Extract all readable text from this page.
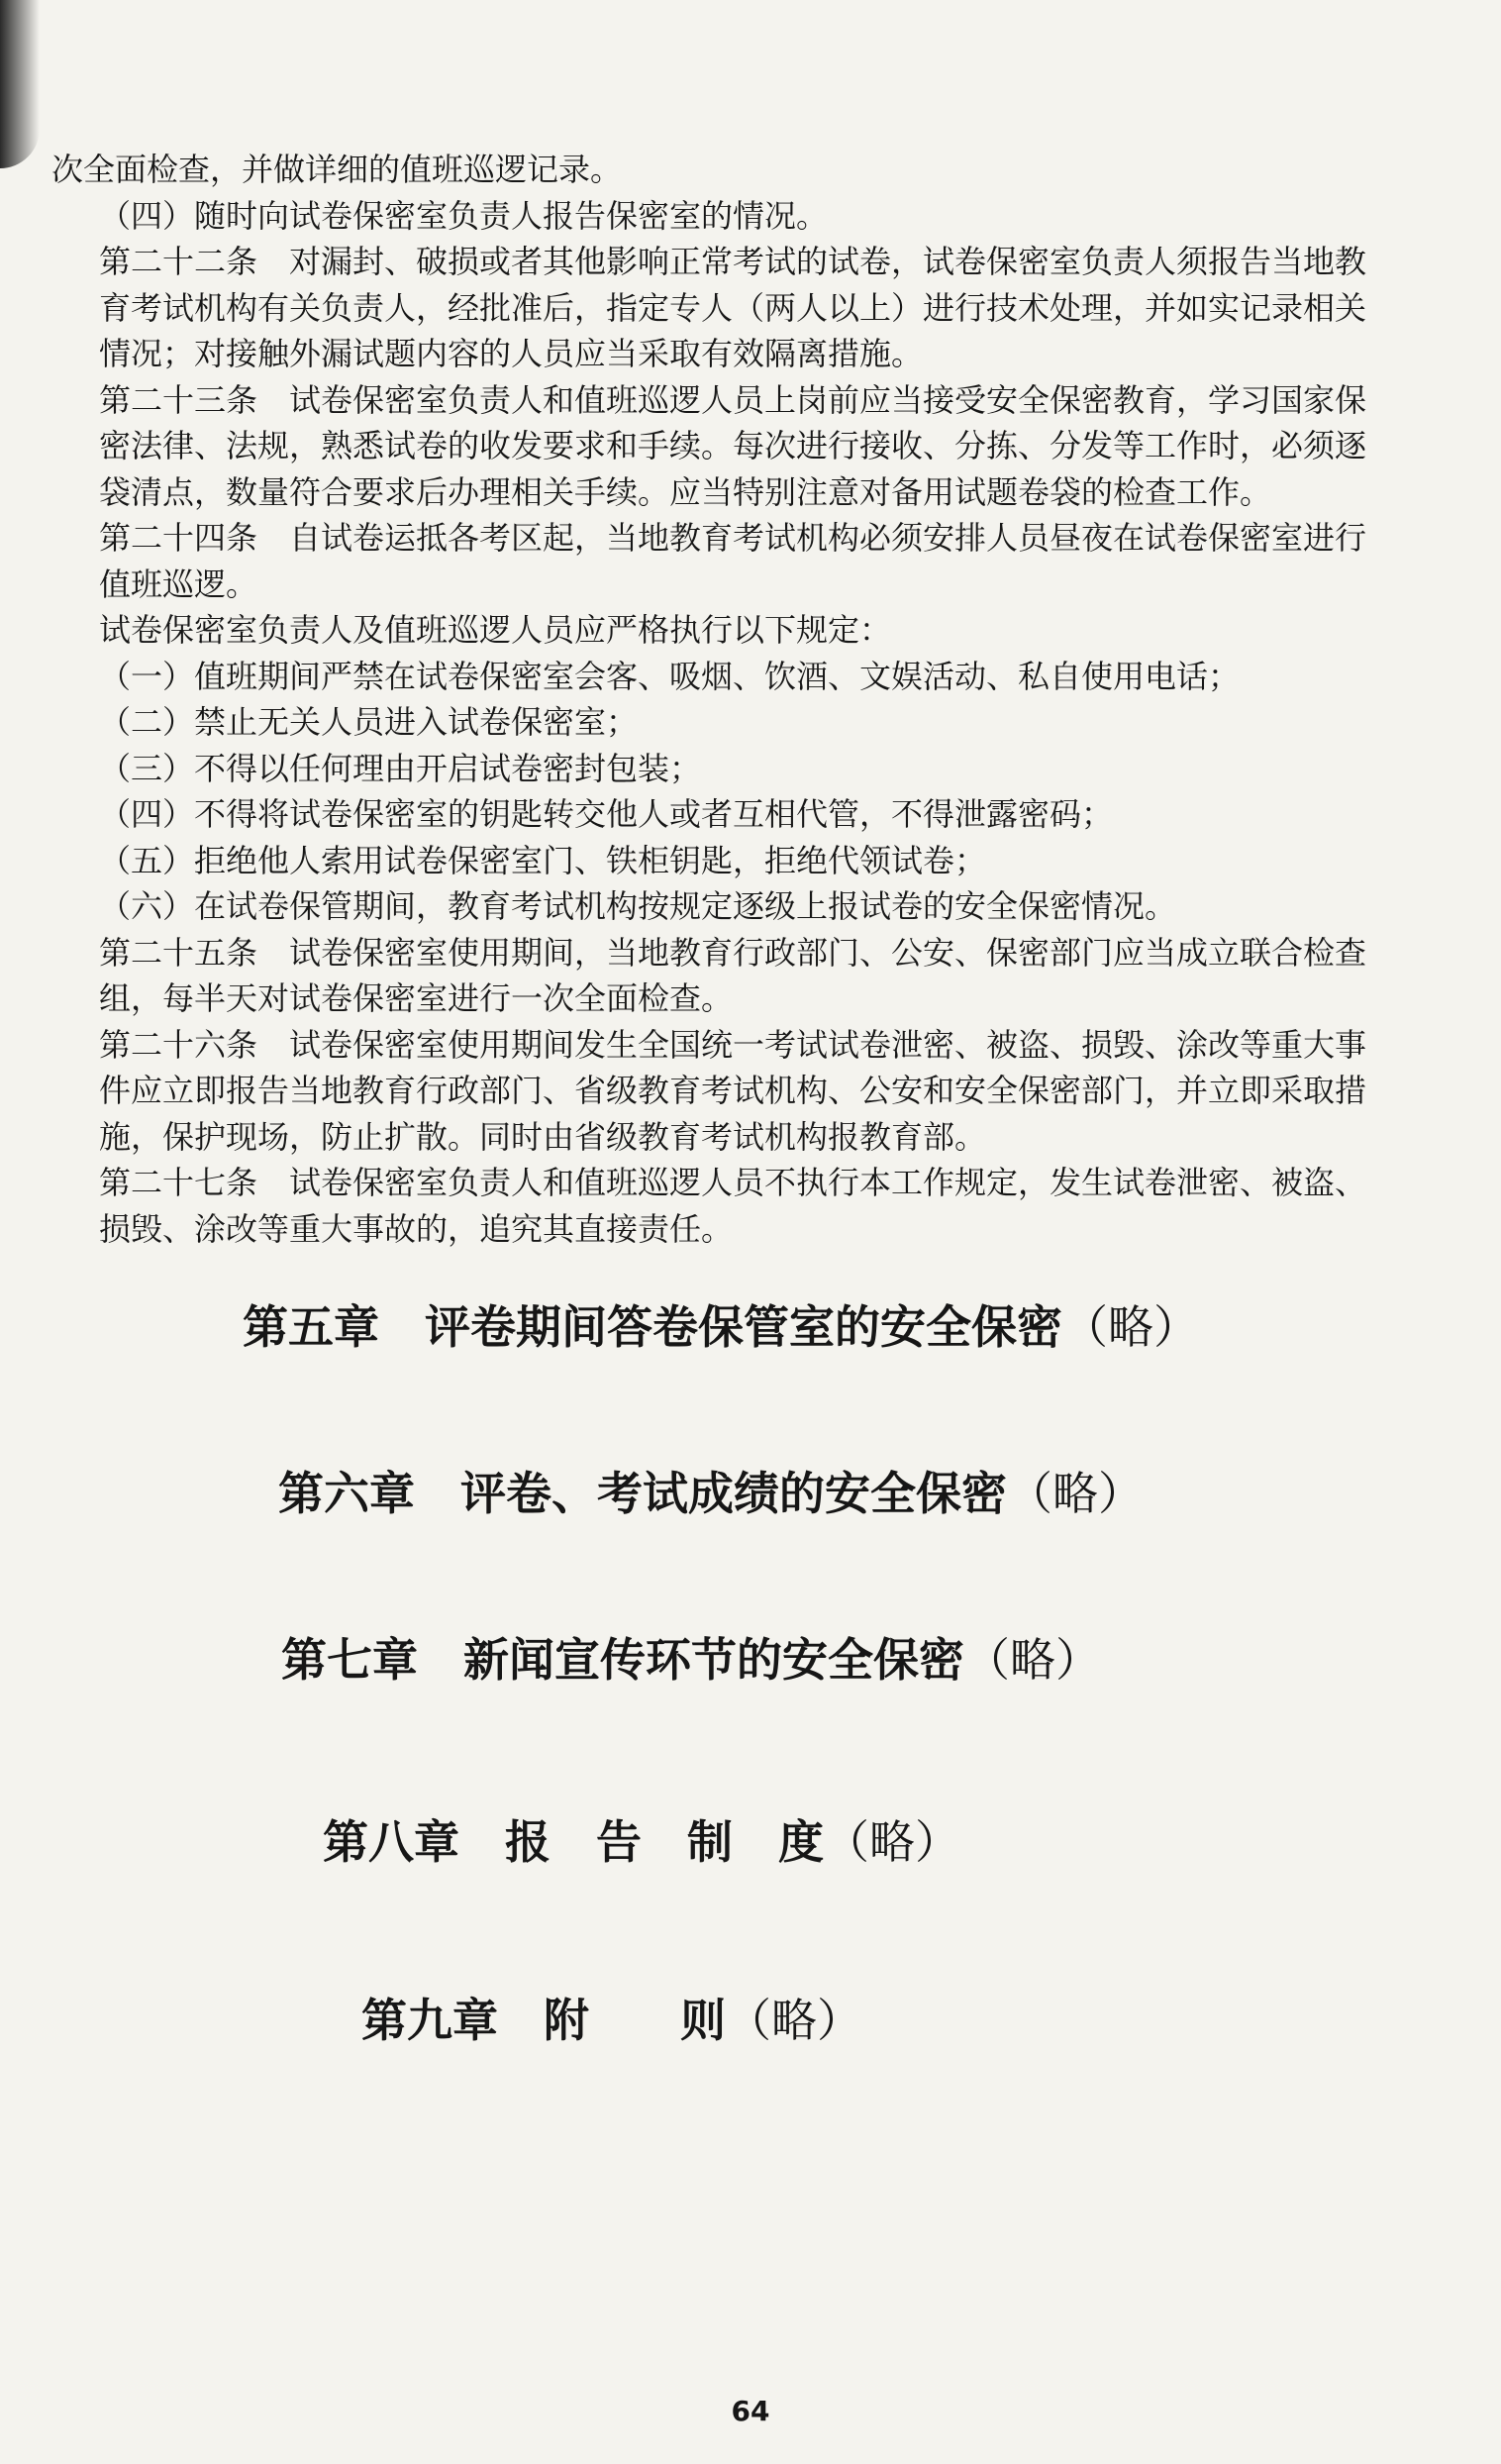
次全面检查，并做详细的值班巡逻记录。

（四）随时向试卷保密室负责人报告保密室的情况。

第二十二条　对漏封、破损或者其他影响正常考试的试卷，试卷保密室负责人须报告当地教育考试机构有关负责人，经批准后，指定专人（两人以上）进行技术处理，并如实记录相关情况；对接触外漏试题内容的人员应当采取有效隔离措施。

第二十三条　试卷保密室负责人和值班巡逻人员上岗前应当接受安全保密教育，学习国家保密法律、法规，熟悉试卷的收发要求和手续。每次进行接收、分拣、分发等工作时，必须逐袋清点，数量符合要求后办理相关手续。应当特别注意对备用试题卷袋的检查工作。

第二十四条　自试卷运抵各考区起，当地教育考试机构必须安排人员昼夜在试卷保密室进行值班巡逻。

试卷保密室负责人及值班巡逻人员应严格执行以下规定：

（一）值班期间严禁在试卷保密室会客、吸烟、饮酒、文娱活动、私自使用电话；

（二）禁止无关人员进入试卷保密室；

（三）不得以任何理由开启试卷密封包装；

（四）不得将试卷保密室的钥匙转交他人或者互相代管，不得泄露密码；

（五）拒绝他人索用试卷保密室门、铁柜钥匙，拒绝代领试卷；

（六）在试卷保管期间，教育考试机构按规定逐级上报试卷的安全保密情况。

第二十五条　试卷保密室使用期间，当地教育行政部门、公安、保密部门应当成立联合检查组，每半天对试卷保密室进行一次全面检查。

第二十六条　试卷保密室使用期间发生全国统一考试试卷泄密、被盗、损毁、涂改等重大事件应立即报告当地教育行政部门、省级教育考试机构、公安和安全保密部门，并立即采取措施，保护现场，防止扩散。同时由省级教育考试机构报教育部。

第二十七条　试卷保密室负责人和值班巡逻人员不执行本工作规定，发生试卷泄密、被盗、损毁、涂改等重大事故的，追究其直接责任。

第五章　评卷期间答卷保管室的安全保密（略）
第六章　评卷、考试成绩的安全保密（略）
第七章　新闻宣传环节的安全保密（略）
第八章　报　告　制　度（略）
第九章　附　　则（略）
64
